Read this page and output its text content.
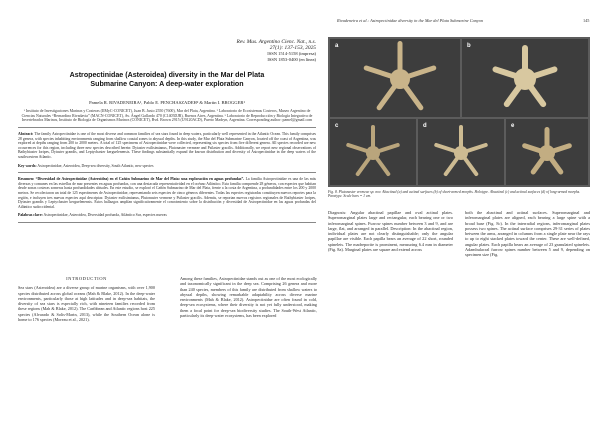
Rivadeneira et al.: Astropectinidae diversity in the Mar del Plata Submarine Canyon	145
Rev. Mus. Argentino Cienc. Nat., n.s.
27(1): 137-153, 2025
ISSN 1514-5158 (impresa)
ISSN 1853-0400 (en línea)
Astropectinidae (Asteroidea) diversity in the Mar del Plata
Submarine Canyon: A deep-water exploration
Pamela R. RIVADENEIRA¹, Pablo E. PENCHASZADEH² & Martin I. BROGGER¹
¹ Instituto de Investigaciones Marinas y Costeras (IIMyC-CONICET), Juan B. Justo 2550 (7600), Mar del Plata, Argentina. ² Laboratorio de Ecosistemas Costeros, Museo Argentino de Ciencias Naturales “Bernardino Rivadavia” (MACN-CONICET), Av. Ángel Gallardo 470 (C1405DJR), Buenos Aires, Argentina. ³ Laboratorio de Reproducción y Biología Integrativa de Invertebrados Marinos, Instituto de Biología de Organismos Marinos (CONICET), Bvd. Brown 2915 (U9120ACD), Puerto Madryn, Argentina. Corresponding author: pamel@gmail.com
Abstract: The family Astropectinidae is one of the most diverse and common families of sea stars found in deep waters, particularly well represented in the Atlantic Ocean. This family comprises 28 genera, with species inhabiting environments ranging from shallow coastal zones to abyssal depths. In this study, the Mar del Plata Submarine Canyon, located off the coast of Argentina, was explored at depths ranging from 200 to 2000 meters. A total of 125 specimens of Astropectinidae were collected, representing six species from five different genera. All species recorded are new occurrences for this region, including three new species described herein: Dytaster exilisimianus, Plutonaster vermeae and Psilaster gracilis. Additionally, we report new regional observations of Bathybiaster loripes, Dytaster grandis, and Leptychaster kerguelenensis. These findings substantially expand the known distribution and diversity of Astropectinidae in the deep waters of the southwestern Atlantic.
Key words: Astropectinidae, Asteroidea, Deep-sea diversity, South Atlantic, new species
Resumen: “Diversidad de Astropectinidae (Asteroidea) en el Cañón Submarino de Mar del Plata: una exploración en aguas profundas”. La familia Astropectinidae es una de las más diversas y comunes en las estrellas de mar presentes en aguas profundas, con una destacada representatividad en el océano Atlántico. Esta familia comprende 28 géneros, con especies que habitan desde zonas costeras someras hasta profundidades abisales. En este estudio, se exploró el Cañón Submarino de Mar del Plata, frente a la costa de Argentina, a profundidades entre los 200 y 2000 metros. Se recolectaron un total de 125 especímenes de Astropectinidae, representando seis especies de cinco géneros diferentes. Todas las especies registradas constituyen nuevos reportes para la región, e incluyen tres nuevas especies aquí descriptas: Dytaster exilisimianus, Plutonaster vermeae y Psilaster gracilis. Además, se reportan nuevos registros regionales de Bathybiaster loripes, Dytaster grandis y Leptychaster kerguelenensis. Estos hallazgos amplían significativamente el conocimiento sobre la distribución y diversidad de Astropectinidae en las aguas profundas del Atlántico sudoccidental.
Palabras clave: Astropectinidae, Asteroidea, Diversidad profunda, Atlántico Sur, especies nuevas
INTRODUCTION
Sea stars (Asteroidea) are a diverse group of marine organisms, with over 1,900 species distributed across global oceans (Mah & Blake, 2012). In the deep-water environments, particularly those at high latitudes and in deep-sea habitats, the diversity of sea stars is especially rich, with nineteen families recorded from these regions (Mah & Blake, 2012). The Caribbean and Atlantic regions host 225 species (Alvarado & Solis-Marin, 2013), while the Southern Ocean alone is home to 176 species (Moreau et al., 2021).
Among these families, Astropectinidae stands out as one of the most ecologically and taxonomically significant in the deep sea. Comprising 26 genera and more than 240 species, members of this family are distributed from shallow waters to abyssal depths, showing remarkable adaptability across diverse marine environments (Mah & Blake, 2012). Astropectinidae are often found in cold, deep-sea ecosystems, where their diversity is not yet fully understood, making them a focal point for deep-sea biodiversity studies. The South-West Atlantic, particularly its deep-water ecosystems, has been explored
a	b
c	d	e
Fig. 8. Plutonaster vermeae sp. nov. Abactinal (a) and actinal surfaces (b) of short-armed morphs. Holotype. Abactinal (c) and actinal surfaces (d) of long-armed morphs. Paratype. Scale bars = 1 cm.
Diagnosis: Angular abactinal papillae and oval actinal plates. Superomarginal plates large and rectangular, each bearing one or two inferomarginal spines. Furrow spines number between 3 and 9, and are large, flat, and arranged in parallel. Description: In the abactinal region, individual plates are not clearly distinguishable; only the angular papillae are visible. Each papilla bears an average of 22 short, rounded spinelets. The madreporite is prominent, measuring 6.4 mm in diameter (Fig. 8a). Marginal plates are square and extend across
both the abactinal and actinal surfaces. Superomarginal and inferomarginal plates are aligned, each bearing a large spine with a broad base (Fig. 8c). In the interradial regions, inferomarginal plates possess two spines. The actinal surface comprises 29-31 series of plates between the arms, arranged in columns from a single plate near the rays to up to eight stacked plates toward the center. These are well-defined, angular plates. Each papilla bears an average of 23 granulated spinelets. Adambulacral furrow spines number between 5 and 9, depending on specimen size (Fig.
